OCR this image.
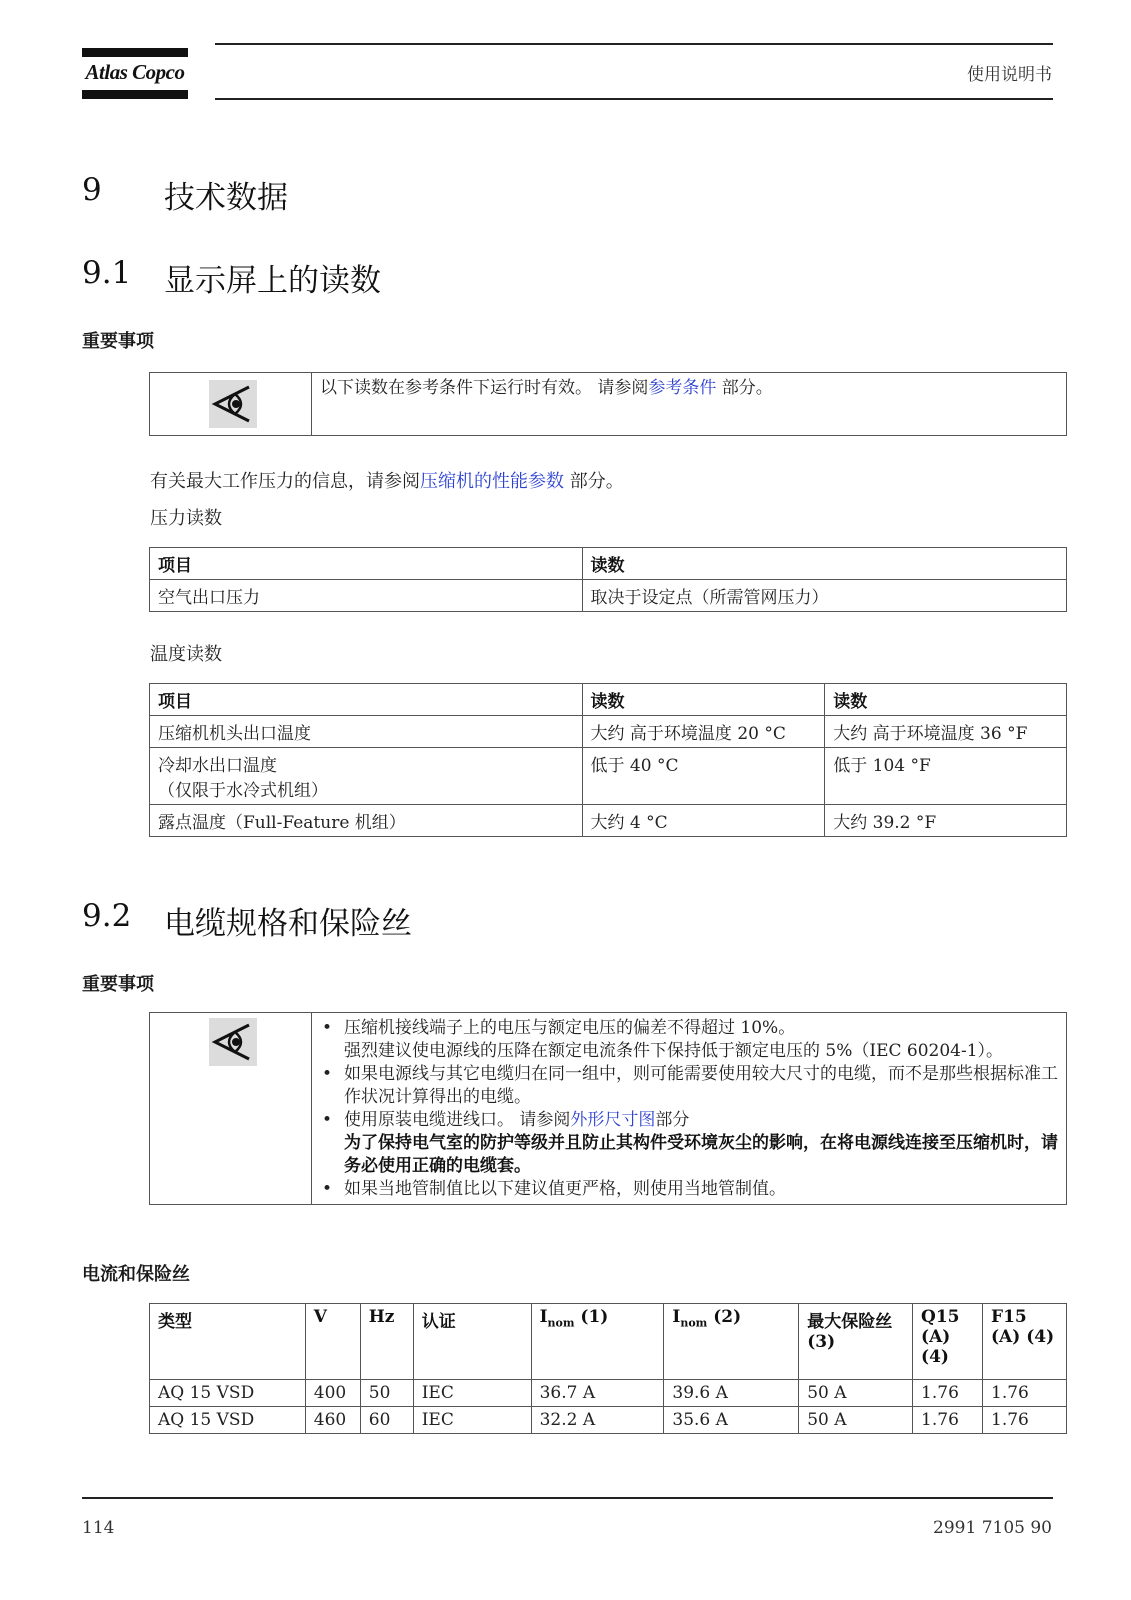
Atlas Copco	使用说明书
9 技术数据
9.1 显示屏上的读数
重要事项
以下读数在参考条件下运行时有效。 请参阅参考条件 部分。
有关最大工作压力的信息，请参阅压缩机的性能参数 部分。
压力读数
项目	读数
空气出口压力	取决于设定点（所需管网压力）
温度读数
项目	读数	读数
压缩机机头出口温度	大约 高于环境温度 20 °C	大约 高于环境温度 36 °F
冷却水出口温度
（仅限于水冷式机组）	低于 40 °C	低于 104 °F
露点温度（Full-Feature 机组）	大约 4 °C	大约 39.2 °F
9.2 电缆规格和保险丝
重要事项
• 压缩机接线端子上的电压与额定电压的偏差不得超过 10%。

强烈建议使电源线的压降在额定电流条件下保持低于额定电压的 5%（IEC 60204-1）。

• 如果电源线与其它电缆归在同一组中，则可能需要使用较大尺寸的电缆，而不是那些根据标准工作状况计算得出的电缆。

• 使用原装电缆进线口。 请参阅外形尺寸图部分

为了保持电气室的防护等级并且防止其构件受环境灰尘的影响，在将电源线连接至压缩机时，请务必使用正确的电缆套。

• 如果当地管制值比以下建议值更严格，则使用当地管制值。

电流和保险丝
类型	V	Hz	认证	$I_{nom}$ (1)	$I_{nom}$ (2)	最大保险丝 (3)	Q15 (A) (4)	F15 (A) (4)
AQ 15 VSD	400	50	IEC	36.7 A	39.6 A	50 A	1.76	1.76
AQ 15 VSD	460	60	IEC	32.2 A	35.6 A	50 A	1.76	1.76
114	2991 7105 90
